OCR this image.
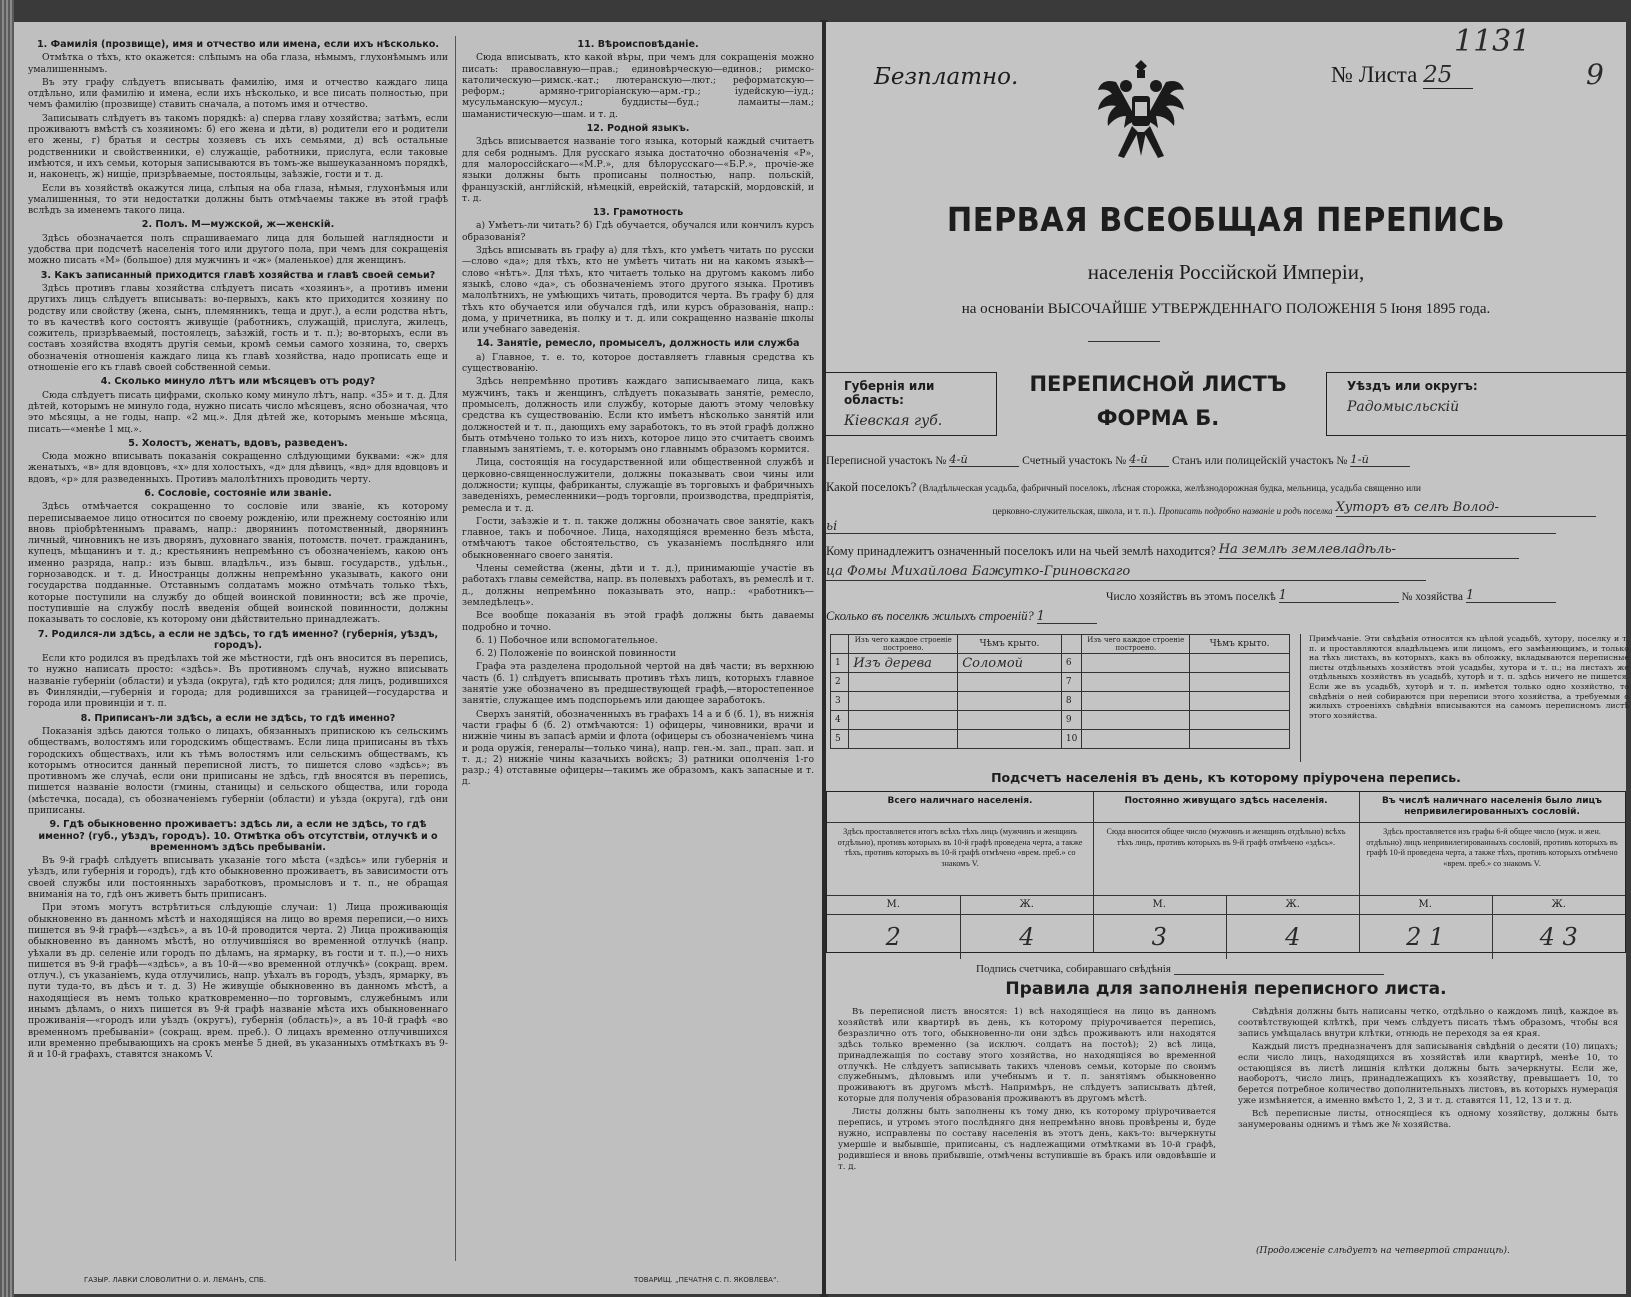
1. Фамилія (прозвище), имя и отчество или имена, если ихъ нѣсколько.
Отмѣтка о тѣхъ, кто окажется: слѣпымъ на оба глаза, нѣмымъ, глухонѣмымъ или умалишеннымъ.
Въ эту графу слѣдуетъ вписывать фамилію, имя и отчество каждаго лица отдѣльно, или фамилію и имена, если ихъ нѣсколько, и все писать полностью, при чемъ фамилію (прозвище) ставить сначала, а потомъ имя и отчество.
Записывать слѣдуетъ въ такомъ порядкѣ: а) сперва главу хозяйства; затѣмъ, если проживаютъ вмѣстѣ съ хозяиномъ: б) его жена и дѣти, в) родители его и родители его жены, г) братья и сестры хозяевъ съ ихъ семьями, д) всѣ остальные родственники и свойственники, е) служащіе, работники, прислуга, если таковые имѣются, и ихъ семьи, которыя записываются въ томъ-же вышеуказанномъ порядкѣ, и, наконецъ, ж) нищіе, призрѣваемые, постояльцы, заѣзжіе, гости и т. д.
Если въ хозяйствѣ окажутся лица, слѣпыя на оба глаза, нѣмыя, глухонѣмыя или умалишенныя, то эти недостатки должны быть отмѣчаемы также въ этой графѣ вслѣдъ за именемъ такого лица.
2. Полъ. М—мужской, ж—женскій.
Здѣсь обозначается полъ спрашиваемаго лица для большей наглядности и удобства при подсчетѣ населенія того или другого пола, при чемъ для сокращенія можно писать «М» (большое) для мужчинъ и «ж» (маленькое) для женщинъ.
3. Какъ записанный приходится главѣ хозяйства и главѣ своей семьи?
Здѣсь противъ главы хозяйства слѣдуетъ писать «хозяинъ», а противъ имени другихъ лицъ слѣдуетъ вписывать: во-первыхъ, какъ кто приходится хозяину по родству или свойству (жена, сынъ, племянникъ, теща и друг.), а если родства нѣтъ, то въ качествѣ кого состоятъ живущіе (работникъ, служащій, прислуга, жилецъ, сожитель, призрѣваемый, постоялецъ, заѣзжій, гость и т. п.); во-вторыхъ, если въ составъ хозяйства входятъ другія семьи, кромѣ семьи самого хозяина, то, сверхъ обозначенія отношенія каждаго лица къ главѣ хозяйства, надо прописать еще и отношеніе его къ главѣ своей собственной семьи.
4. Сколько минуло лѣтъ или мѣсяцевъ отъ роду?
Сюда слѣдуетъ писать цифрами, сколько кому минуло лѣтъ, напр. «35» и т. д. Для дѣтей, которымъ не минуло года, нужно писать число мѣсяцевъ, ясно обозначая, что это мѣсяцы, а не годы, напр. «2 мц.». Для дѣтей же, которымъ меньше мѣсяца, писать—«менѣе 1 мц.».
5. Холостъ, женатъ, вдовъ, разведенъ.
Сюда можно вписывать показанія сокращенно слѣдующими буквами: «ж» для женатыхъ, «в» для вдовцовъ, «х» для холостыхъ, «д» для дѣвицъ, «вд» для вдовцовъ и вдовъ, «р» для разведенныхъ. Противъ малолѣтнихъ проводить черту.
6. Сословіе, состояніе или званіе.
Здѣсь отмѣчается сокращенно то сословіе или званіе, къ которому переписываемое лицо относится по своему рожденію, или прежнему состоянію или вновь пріобрѣтеннымъ правамъ, напр.: дворянинъ потомственный, дворянинъ личный, чиновникъ не изъ дворянъ, духовнаго званія, потомств. почет. гражданинъ, купецъ, мѣщанинъ и т. д.; крестьянинъ непремѣнно съ обозначеніемъ, какою онъ именно разряда, напр.: изъ бывш. владѣльч., изъ бывш. государств., удѣльн., горнозаводск. и т. д. Иностранцы должны непремѣнно указывать, какого они государства подданные. Отставнымъ солдатамъ можно отмѣчать только тѣхъ, которые поступили на службу до общей воинской повинности; всѣ же прочіе, поступившіе на службу послѣ введенія общей воинской повинности, должны показывать то сословіе, къ которому они дѣйствительно принадлежатъ.
7. Родился-ли здѣсь, а если не здѣсь, то гдѣ именно? (губернія, уѣздъ, городъ).
Если кто родился въ предѣлахъ той же мѣстности, гдѣ онъ вносится въ перепись, то нужно написать просто: «здѣсь». Въ противномъ случаѣ, нужно вписывать названіе губерніи (области) и уѣзда (округа), гдѣ кто родился; для лицъ, родившихся въ Финляндіи,—губернія и города; для родившихся за границей—государства и города или провинціи и т. п.
8. Приписанъ-ли здѣсь, а если не здѣсь, то гдѣ именно?
Показанія здѣсь даются только о лицахъ, обязанныхъ припискою къ сельскимъ обществамъ, волостямъ или городскимъ обществамъ. Если лица приписаны въ тѣхъ городскихъ обществахъ, или къ тѣмъ волостямъ или сельскимъ обществамъ, къ которымъ относится данный переписной листъ, то пишется слово «здѣсь»; въ противномъ же случаѣ, если они приписаны не здѣсь, гдѣ вносятся въ перепись, пишется названіе волости (гмины, станицы) и сельского общества, или города (мѣстечка, посада), съ обозначеніемъ губерніи (области) и уѣзда (округа), гдѣ они приписаны.
9. Гдѣ обыкновенно проживаетъ: здѣсь ли, а если не здѣсь, то гдѣ именно? (губ., уѣздъ, городъ). 10. Отмѣтка объ отсутствіи, отлучкѣ и о временномъ здѣсь пребываніи.
Въ 9-й графѣ слѣдуетъ вписывать указаніе того мѣста («здѣсь» или губернія и уѣздъ, или губернія и городъ), гдѣ кто обыкновенно проживаетъ, въ зависимости отъ своей службы или постоянныхъ заработковъ, промысловъ и т. п., не обращая вниманія на то, гдѣ онъ живетъ быть приписанъ.
При этомъ могутъ встрѣтиться слѣдующіе случаи: 1) Лица проживающія обыкновенно въ данномъ мѣстѣ и находящіяся на лицо во время переписи,—о нихъ пишется въ 9-й графѣ—«здѣсь», а въ 10-й проводится черта. 2) Лица проживающія обыкновенно въ данномъ мѣстѣ, но отлучившіяся во временной отлучкѣ (напр. уѣхали въ др. селеніе или городъ по дѣламъ, на ярмарку, въ гости и т. п.),—о нихъ пишется въ 9-й графѣ—«здѣсь», а въ 10-й—«во временной отлучкѣ» (сокращ. врем. отлуч.), съ указаніемъ, куда отлучились, напр. уѣхалъ въ городъ, уѣздъ, ярмарку, въ пути туда-то, въ дѣсъ и т. д. 3) Не живущіе обыкновенно въ данномъ мѣстѣ, а находящіеся въ немъ только кратковременно—по торговымъ, служебнымъ или инымъ дѣламъ, о нихъ пишется въ 9-й графѣ названіе мѣста ихъ обыкновеннаго проживанія—«городъ или уѣздъ (округъ), губернія (область)», а въ 10-й графѣ «во временномъ пребываніи» (сокращ. врем. преб.). О лицахъ временно отлучившихся или временно пребывающихъ на срокъ менѣе 5 дней, въ указанныхъ отмѣткахъ въ 9-й и 10-й графахъ, ставятся знакомъ V.
11. Вѣроисповѣданіе.
Сюда вписывать, кто какой вѣры, при чемъ для сокращенія можно писать: православную—прав.; единовѣрческую—единов.; римско-католическую—римск.-кат.; лютеранскую—лют.; реформатскую—реформ.; армяно-григоріанскую—арм.-гр.; іудейскую—іуд.; мусульманскую—мусул.; буддисты—буд.; ламаиты—лам.; шаманистическую—шам. и т. д.
12. Родной языкъ.
Здѣсь вписывается названіе того языка, который каждый считаетъ для себя роднымъ. Для русскаго языка достаточно обозначенія «Р», для малороссійскаго—«М.Р.», для бѣлорусскаго—«Б.Р.», прочіе-же языки должны быть прописаны полностью, напр. польскій, французскій, англійскій, нѣмецкій, еврейскій, татарскій, мордовскій, и т. д.
13. Грамотность
а) Умѣетъ-ли читать? б) Гдѣ обучается, обучался или кончилъ курсъ образованія?
Здѣсь вписывать въ графу а) для тѣхъ, кто умѣетъ читать по русски—слово «да»; для тѣхъ, кто не умѣетъ читать ни на какомъ языкѣ—слово «нѣтъ». Для тѣхъ, кто читаетъ только на другомъ какомъ либо языкѣ, слово «да», съ обозначеніемъ этого другого языка. Противъ малолѣтнихъ, не умѣющихъ читать, проводится черта. Въ графу б) для тѣхъ кто обучается или обучался гдѣ, или курсъ образованія, напр.: дома, у причетника, въ полку и т. д. или сокращенно названіе школы или учебнаго заведенія.
14. Занятіе, ремесло, промыселъ, должность или служба
а) Главное, т. е. то, которое доставляетъ главныя средства къ существованію.
Здѣсь непремѣнно противъ каждаго записываемаго лица, какъ мужчинъ, такъ и женщинъ, слѣдуетъ показывать занятіе, ремесло, промыселъ, должность или службу, которые даютъ этому человѣку средства къ существованію. Если кто имѣетъ нѣсколько занятій или должностей и т. п., дающихъ ему заработокъ, то въ этой графѣ должно быть отмѣчено только то изъ нихъ, которое лицо это считаетъ своимъ главнымъ занятіемъ, т. е. которымъ оно главнымъ образомъ кормится.
Лица, состоящія на государственной или общественной службѣ и церковно-священнослужители, должны показывать свои чины или должности; купцы, фабриканты, служащіе въ торговыхъ и фабричныхъ заведеніяхъ, ремесленники—родъ торговли, производства, предпріятія, ремесла и т. д.
Гости, заѣзжіе и т. п. также должны обозначать свое занятіе, какъ главное, такъ и побочное. Лица, находящіяся временно безъ мѣста, отмѣчаютъ такое обстоятельство, съ указаніемъ послѣдняго или обыкновеннаго своего занятія.
Члены семейства (жены, дѣти и т. д.), принимающіе участіе въ работахъ главы семейства, напр. въ полевыхъ работахъ, въ ремеслѣ и т. д., должны непремѣнно показывать это, напр.: «работникъ—земледѣлецъ».
Все вообще показанія въ этой графѣ должны быть даваемы подробно и точно.
б. 1) Побочное или вспомогательное.
б. 2) Положеніе по воинской повинности
Графа эта разделена продольной чертой на двѣ части; въ верхнюю часть (б. 1) слѣдуетъ вписывать противъ тѣхъ лицъ, которыхъ главное занятіе уже обозначено въ предшествующей графѣ,—второстепенное занятіе, служащее имъ подспорьемъ или дающее заработокъ.
Сверхъ занятій, обозначенныхъ въ графахъ 14 а и б (б. 1), въ нижнія части графы б (б. 2) отмѣчаются: 1) офицеры, чиновники, врачи и нижніе чины въ запасѣ арміи и флота (офицеры съ обозначеніемъ чина и рода оружія, генералы—только чина), напр. ген.-м. зап., прап. зап. и т. д.; 2) нижніе чины казачьихъ войскъ; 3) ратники ополченія 1-го разр.; 4) отставные офицеры—такимъ же образомъ, какъ запасные и т. д.
ГАЗЫР. ЛАВКИ СЛОВОЛИТНИ О. И. ЛЕМАНЪ, СПБ.	ТОВАРИЩ. „ПЕЧАТНЯ С. П. ЯКОВЛЕВА“.
1131
9
Безплатно.	№ Листа 25
ПЕРВАЯ ВСЕОБЩАЯ ПЕРЕПИСЬ
населенія Россійской Имперіи,
на основаніи ВЫСОЧАЙШЕ УТВЕРЖДЕННАГО ПОЛОЖЕНІЯ 5 Іюня 1895 года.
Губернія или область:
Кіевская губ.
ПЕРЕПИСНОЙ ЛИСТЪ
ФОРМА Б.
Уѣздъ или округъ:
Радомысльскій
Переписной участокъ № 4-й	Счетный участокъ № 4-й Станъ или полицейскій участокъ № 1-й
Какой поселокъ? (Владѣльческая усадьба, фабричный поселокъ, лѣсная сторожка, желѣзнодорожная будка, мельница, усадьба священно или
церковно-служительская, школа, и т. п.). Прописать подробно названіе и родъ поселка Хуторъ въ селѣ Волод-
ьі
Кому принадлежитъ означенный поселокъ или на чьей землѣ находится? На землѣ землевладѣль-
ца Фомы Михайлова Бажутко-Гриновскаго
Число хозяйствъ въ этомъ поселкѣ 1	№ хозяйства 1
Сколько въ поселкѣ жилыхъ строеній? 1
	Изъ чего каждое строеніе построено.	Чѣмъ крыто.		Изъ чего каждое строеніе построено.	Чѣмъ крыто.
1	Изъ дерева	Соломой	6		
2			7		
3			8		
4			9		
5			10		
Примѣчаніе. Эти свѣдѣнія относятся къ цѣлой усадьбѣ, хутору, поселку и т. п. и проставляются владѣльцемъ или лицомъ, его замѣняющимъ, и только на тѣхъ листахъ, въ которыхъ, какъ въ обложку, вкладываются переписные листы отдѣльныхъ хозяйствъ этой усадьбы, хутора и т. п.; на листахъ же отдѣльныхъ хозяйствъ въ усадьбѣ, хуторѣ и т. п. здѣсь ничего не пишется. Если же въ усадьбѣ, хуторѣ и т. п. имѣется только одно хозяйство, то свѣдѣнія о ней собираются при переписи этого хозяйства, а требуемыя о жилыхъ строеніяхъ свѣдѣнія вписываются на самомъ переписномъ листѣ этого хозяйства.
Подсчетъ населенія въ день, къ которому пріурочена перепись.
Всего наличнаго населенія.
Здѣсь проставляется итогъ всѣхъ тѣхъ лицъ (мужчинъ и женщинъ отдѣльно), противъ которыхъ въ 10-й графѣ проведена черта, а также тѣхъ, противъ которыхъ въ 10-й графѣ отмѣчено «врем. преб.» со знакомъ V.
М.	Ж.
2	4
Постоянно живущаго здѣсь населенія.
Сюда вносится общее число (мужчинъ и женщинъ отдѣльно) всѣхъ тѣхъ лицъ, противъ которыхъ въ 9-й графѣ отмѣчено «здѣсь».
М.	Ж.
3	4
Въ числѣ наличнаго населенія было лицъ непривилегированныхъ сословій.
Здѣсь проставляется изъ графы 6-й общее число (муж. и жен. отдѣльно) лицъ непривилегированныхъ сословій, противъ которыхъ въ графѣ 10-й проведена черта, а также тѣхъ, противъ которыхъ отмѣчено «врем. преб.» со знакомъ V.
М.	Ж.
2 1	4 3
Подпись счетчика, собиравшаго свѣдѣнія
Правила для заполненія переписного листа.
Въ переписной листъ вносятся: 1) всѣ находящіеся на лицо въ данномъ хозяйствѣ или квартирѣ въ день, къ которому пріурочивается перепись, безразлично отъ того, обыкновенно-ли они здѣсь проживаютъ или находятся здѣсь только временно (за исключ. солдатъ на постоѣ); 2) всѣ лица, принадлежащія по составу этого хозяйства, но находящіяся во временной отлучкѣ. Не слѣдуетъ записывать такихъ членовъ семьи, которые по своимъ служебнымъ, дѣловымъ или учебнымъ и т. п. занятіямъ обыкновенно проживаютъ въ другомъ мѣстѣ. Напримѣръ, не слѣдуетъ записывать дѣтей, которые для полученія образованія проживаютъ въ другомъ мѣстѣ.
Листы должны быть заполнены къ тому дню, къ которому пріурочивается перепись, и утромъ этого послѣдняго дня непремѣнно вновь провѣрены и, буде нужно, исправлены по составу населенія въ этотъ день, какъ-то: вычеркнуты умершіе и выбывшіе, приписаны, съ надлежащими отмѣтками въ 10-й графѣ, родившіеся и вновь прибывшіе, отмѣчены вступившіе въ бракъ или овдовѣвшіе и т. д.
Свѣдѣнія должны быть написаны четко, отдѣльно о каждомъ лицѣ, каждое въ соотвѣтствующей клѣткѣ, при чемъ слѣдуетъ писать тѣмъ образомъ, чтобы вся запись умѣщалась внутри клѣтки, отнюдь не переходя за ея края.
Каждый листъ предназначенъ для записыванія свѣдѣній о десяти (10) лицахъ; если число лицъ, находящихся въ хозяйствѣ или квартирѣ, менѣе 10, то остающіяся въ листѣ лишнія клѣтки должны быть зачеркнуты. Если же, наоборотъ, число лицъ, принадлежащихъ къ хозяйству, превышаетъ 10, то берется потребное количество дополнительныхъ листовъ, въ которыхъ нумерація уже измѣняется, а именно вмѣсто 1, 2, 3 и т. д. ставятся 11, 12, 13 и т. д.
Всѣ переписные листы, относящіеся къ одному хозяйству, должны быть занумерованы однимъ и тѣмъ же № хозяйства.
(Продолженіе слѣдуетъ на четвертой страницѣ).
